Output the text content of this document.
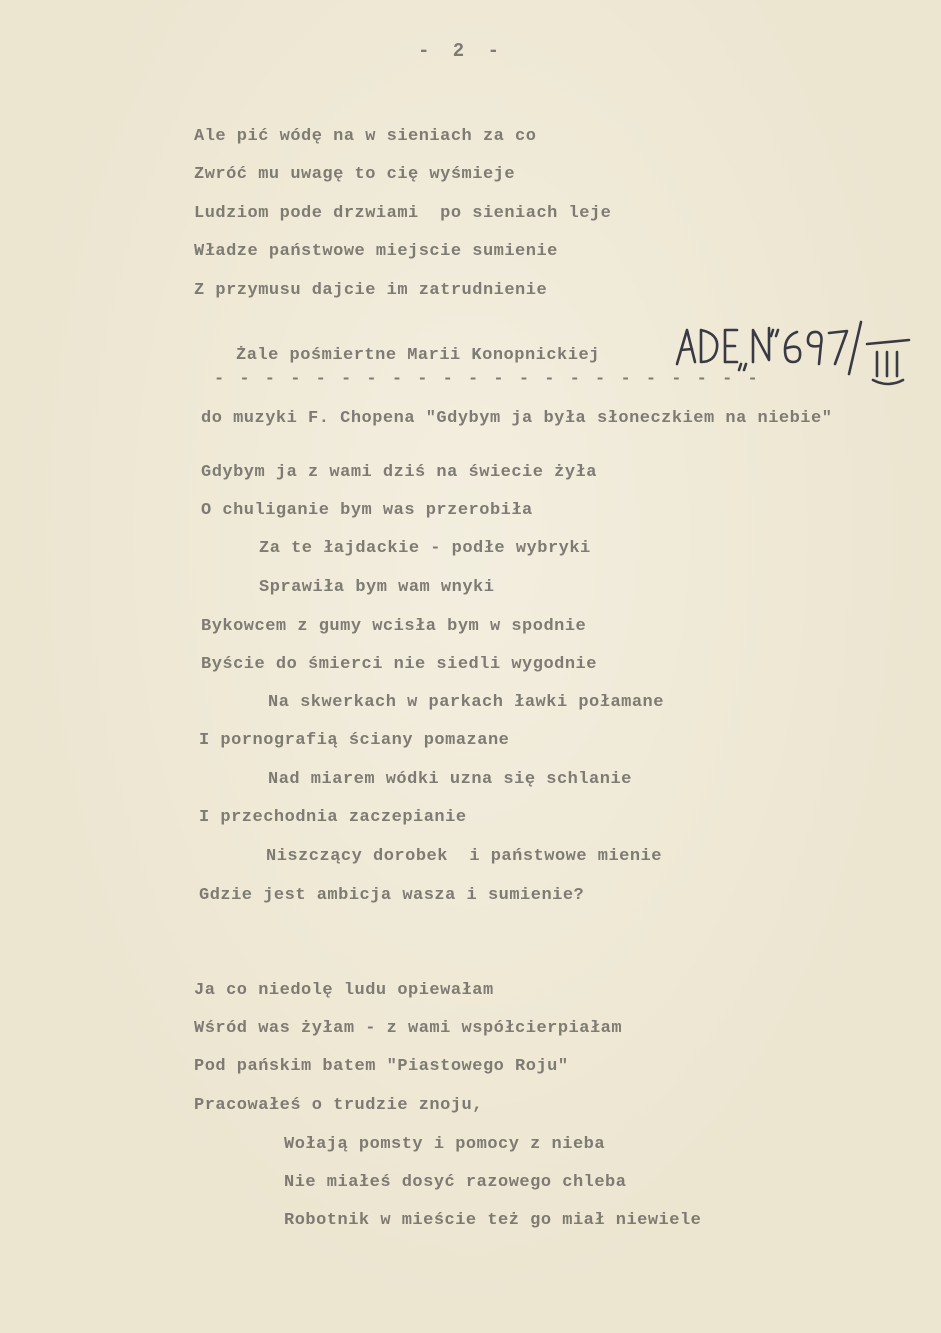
- 2 -
Ale pić wódę na w sieniach za co
Zwróć mu uwagę to cię wyśmieje
Ludziom pode drzwiami  po sieniach leje
Władze państwowe miejscie sumienie
Z przymusu dajcie im zatrudnienie
Żale pośmiertne Marii Konopnickiej
- - - - - - - - - - - - - - - - - - - - - -
do muzyki F. Chopena "Gdybym ja była słoneczkiem na niebie"
Gdybym ja z wami dziś na świecie żyła
O chuliganie bym was przerobiła
Za te łajdackie - podłe wybryki
Sprawiła bym wam wnyki
Bykowcem z gumy wcisła bym w spodnie
Byście do śmierci nie siedli wygodnie
Na skwerkach w parkach ławki połamane
I pornografią ściany pomazane
Nad miarem wódki uzna się schlanie
I przechodnia zaczepianie
Niszczący dorobek  i państwowe mienie
Gdzie jest ambicja wasza i sumienie?
Ja co niedolę ludu opiewałam
Wśród was żyłam - z wami współcierpiałam
Pod pańskim batem "Piastowego Roju"
Pracowałeś o trudzie znoju,
Wołają pomsty i pomocy z nieba
Nie miałeś dosyć razowego chleba
Robotnik w mieście też go miał niewiele
